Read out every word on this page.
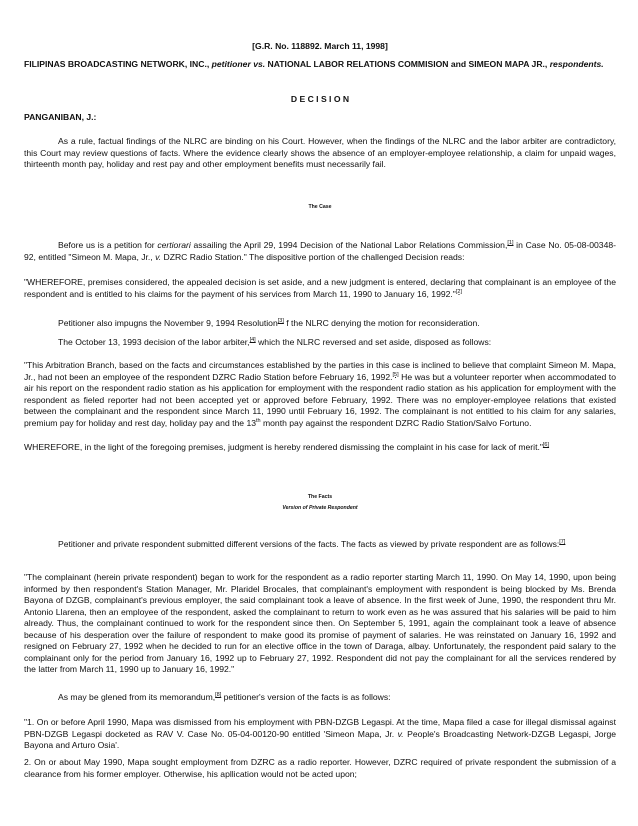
[G.R. No. 118892. March 11, 1998]

FILIPINAS BROADCASTING NETWORK, INC., petitioner vs. NATIONAL LABOR RELATIONS COMMISION and SIMEON MAPA JR., respondents.

D E C I S I O N

PANGANIBAN, J.:

As a rule, factual findings of the NLRC are binding on his Court. However, when the findings of the NLRC and the labor arbiter are contradictory, this Court may review questions of facts. Where the evidence clearly shows the absence of an employer-employee relationship, a claim for unpaid wages, thirteenth month pay, holiday and rest pay and other employment benefits must necessarily fail.

The Case

Before us is a petition for certiorari assailing the April 29, 1994 Decision of the National Labor Relations Commission,[1] in Case No. 05-08-00348-92, entitled "Simeon M. Mapa, Jr., v. DZRC Radio Station." The dispositive portion of the challenged Decision reads:

"WHEREFORE, premises considered, the appealed decision is set aside, and a new judgment is entered, declaring that complainant is an employee of the respondent and is entitled to his claims for the payment of his services from March 11, 1990 to January 16, 1992."[2]

Petitioner also impugns the November 9, 1994 Resolution[3] f the NLRC denying the motion for reconsideration.

The October 13, 1993 decision of the labor arbiter,[4] which the NLRC reversed and set aside, disposed as follows:

"This Arbitration Branch, based on the facts and circumstances established by the parties in this case is inclined to believe that complaint Simeon M. Mapa, Jr., had not been an employee of the respondent DZRC Radio Station before February 16, 1992.[5] He was but a volunteer reporter when accommodated to air his report on the respondent radio station as his application for employment with the respondent radio station as his application for employment with the respondent as fieled reporter had not been accepted yet or approved before February, 1992. There was no employer-employee relations that existed between the complainant and the respondent since March 11, 1990 until February 16, 1992. The complainant is not entitled to his claim for any salaries, premium pay for holiday and rest day, holiday pay and the 13th month pay against the respondent DZRC Radio Station/Salvo Fortuno.

WHEREFORE, in the light of the foregoing premises, judgment is hereby rendered dismissing the complaint in his case for lack of merit."[6]

The Facts

Version of Private Respondent

Petitioner and private respondent submitted different versions of the facts. The facts as viewed by private respondent are as follows:[7]

"The complainant (herein private respondent) began to work for the respondent as a radio reporter starting March 11, 1990. On May 14, 1990, upon being informed by then respondent's Station Manager, Mr. Plaridel Brocales, that complainant's employment with respondent is being blocked by Ms. Brenda Bayona of DZGB, complainant's previous employer, the said complainant took a leave of absence. In the first week of June, 1990, the respondent thru Mr. Antonio Llarena, then an employee of the respondent, asked the complainant to return to work even as he was assured that his salaries will be paid to him already. Thus, the complainant continued to work for the respondent since then. On September 5, 1991, again the complainant took a leave of absence because of his desperation over the failure of respondent to make good its promise of payment of salaries. He was reinstated on January 16, 1992 and resigned on February 27, 1992 when he decided to run for an elective office in the town of Daraga, albay. Unfortunately, the respondent paid salary to the complainant only for the period from January 16, 1992 up to February 27, 1992. Respondent did not pay the complainant for all the services rendered by the latter from March 11, 1990 up to January 16, 1992."

As may be glened from its memorandum,[8] petitioner's version of the facts is as follows:

"1. On or before April 1990, Mapa was dismissed from his employment with PBN-DZGB Legaspi. At the time, Mapa filed a case for illegal dismissal against PBN-DZGB Legaspi docketed as RAV V. Case No. 05-04-00120-90 entitled 'Simeon Mapa, Jr. v. People's Broadcasting Network-DZGB Legaspi, Jorge Bayona and Arturo Osia'.

2. On or about May 1990, Mapa sought employment from DZRC as a radio reporter. However, DZRC required of private respondent the submission of a clearance from his former employer. Otherwise, his apllication would not be acted upon;
